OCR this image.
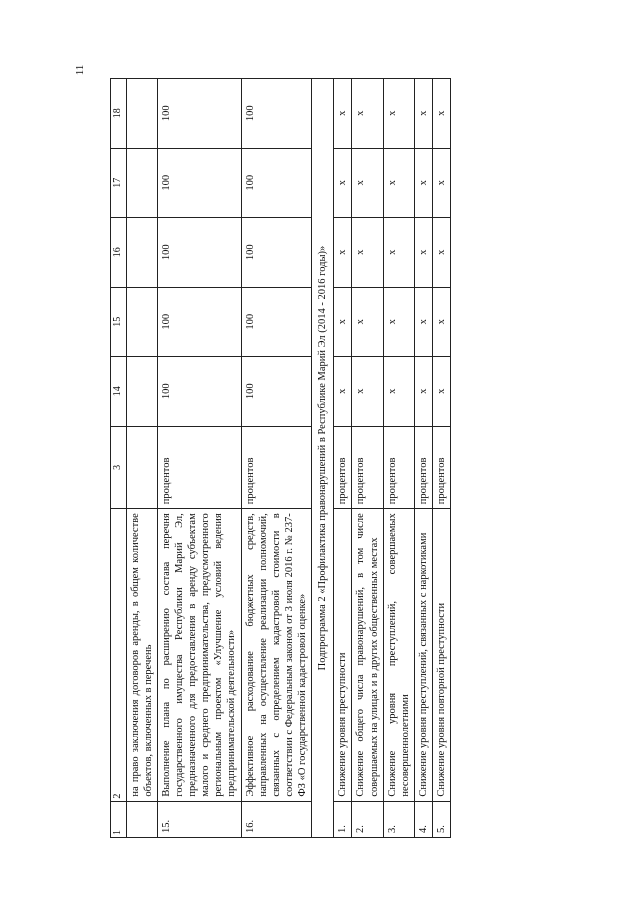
11
1	2	3	14	15	16	17	18
	на право заключения договоров аренды, в общем количестве объектов, включенных в перечень						
15.	Выполнение плана по расширению состава перечня государственного имущества Республики Марий Эл, предназначенного для предоставления в аренду субъектам малого и среднего предпринимательства, предусмотренного региональным проектом «Улучшение условий ведения предпринимательской деятельности»	процентов	100	100	100	100	100
16.	Эффективное расходование бюджетных средств, направленных на осуществление реализации полномочий, связанных с определением кадастровой стоимости в соответствии с Федеральным законом от 3 июля 2016 г. № 237-ФЗ «О государственной кадастровой оценке»	процентов	100	100	100	100	100
Подпрограмма 2 «Профилактика правонарушений в Республике Марий Эл (2014 - 2016 годы)»							
1.	Снижение уровня преступности	процентов	x	x	x	x	x
2.	Снижение общего числа правонарушений, в том числе совершаемых на улицах и в других общественных местах	процентов	x	x	x	x	x
3.	Снижение уровня преступлений, совершаемых несовершеннолетними	процентов	x	x	x	x	x
4.	Снижение уровня преступлений, связанных с наркотиками	процентов	x	x	x	x	x
5.	Снижение уровня повторной преступности	процентов	x	x	x	x	x
